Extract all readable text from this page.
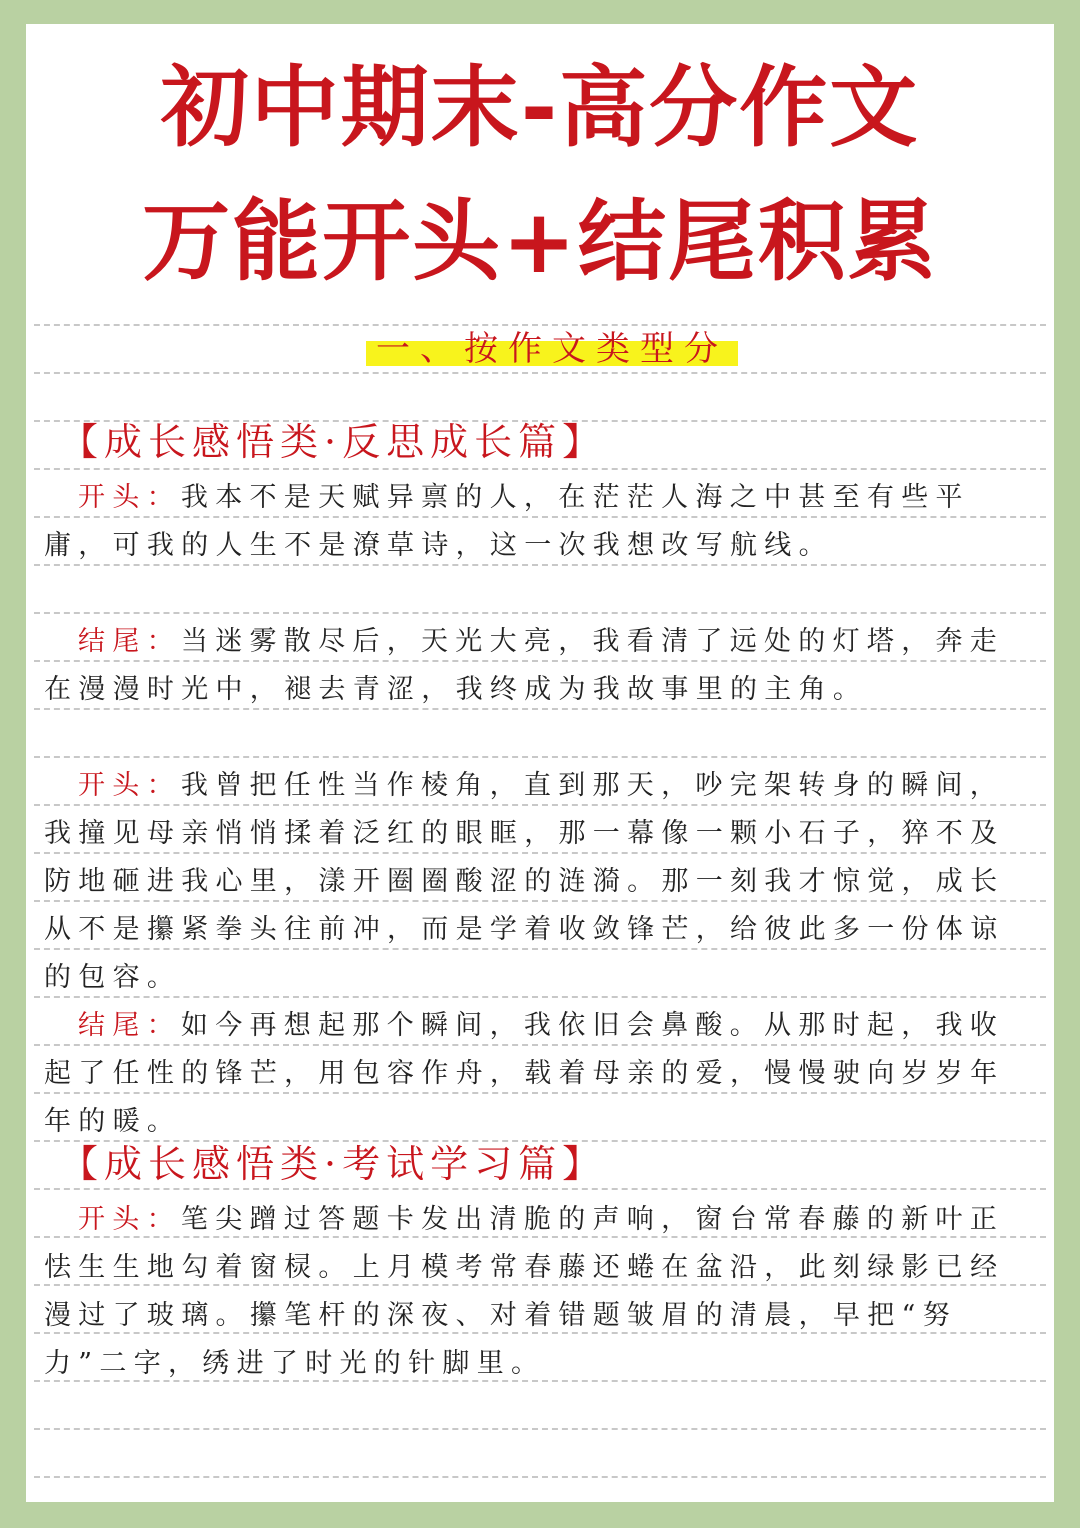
初中期末-高分作文
万能开头+结尾积累
一、按作文类型分
【成长感悟类·反思成长篇】
开头：我本不是天赋异禀的人，在茫茫人海之中甚至有些平庸，可我的人生不是潦草诗，这一次我想改写航线。
结尾：当迷雾散尽后，天光大亮，我看清了远处的灯塔，奔走在漫漫时光中，褪去青涩，我终成为我故事里的主角。
开头：我曾把任性当作棱角，直到那天，吵完架转身的瞬间，我撞见母亲悄悄揉着泛红的眼眶，那一幕像一颗小石子，猝不及防地砸进我心里，漾开圈圈酸涩的涟漪。那一刻我才惊觉，成长从不是攥紧拳头往前冲，而是学着收敛锋芒，给彼此多一份体谅的包容。
结尾：如今再想起那个瞬间，我依旧会鼻酸。从那时起，我收起了任性的锋芒，用包容作舟，载着母亲的爱，慢慢驶向岁岁年年的暖。
【成长感悟类·考试学习篇】
开头：笔尖蹭过答题卡发出清脆的声响，窗台常春藤的新叶正怯生生地勾着窗棂。上月模考常春藤还蜷在盆沿，此刻绿影已经漫过了玻璃。攥笔杆的深夜、对着错题皱眉的清晨，早把“努力”二字，绣进了时光的针脚里。
